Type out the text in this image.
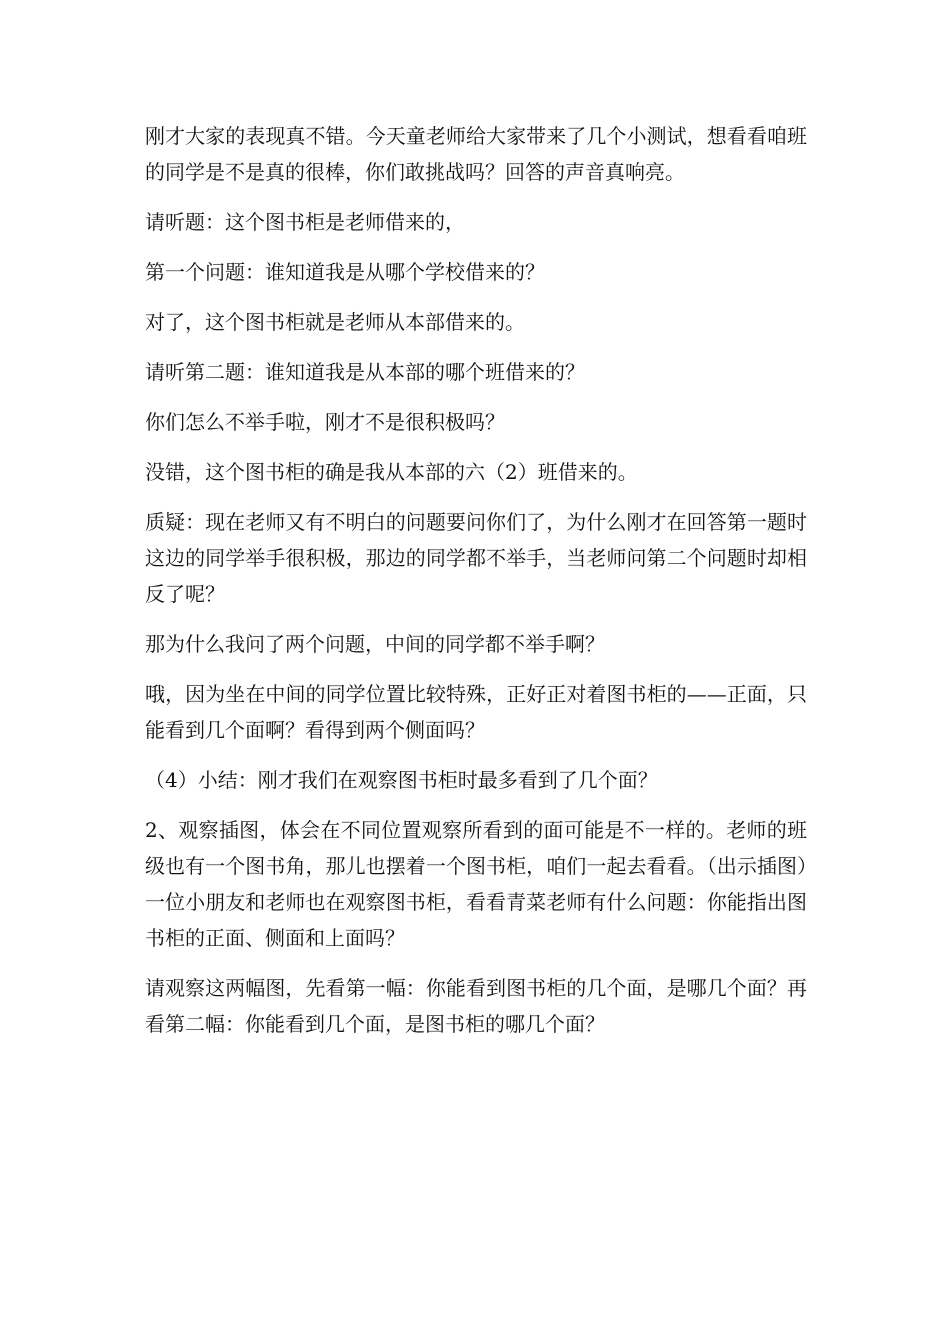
刚才大家的表现真不错。今天童老师给大家带来了几个小测试，想看看咱班的同学是不是真的很棒，你们敢挑战吗？回答的声音真响亮。

请听题：这个图书柜是老师借来的，

第一个问题：谁知道我是从哪个学校借来的？

对了，这个图书柜就是老师从本部借来的。

请听第二题：谁知道我是从本部的哪个班借来的？

你们怎么不举手啦，刚才不是很积极吗？

没错，这个图书柜的确是我从本部的六（2）班借来的。

质疑：现在老师又有不明白的问题要问你们了，为什么刚才在回答第一题时这边的同学举手很积极，那边的同学都不举手，当老师问第二个问题时却相反了呢？

那为什么我问了两个问题，中间的同学都不举手啊？

哦，因为坐在中间的同学位置比较特殊，正好正对着图书柜的——正面，只能看到几个面啊？看得到两个侧面吗？

（4）小结：刚才我们在观察图书柜时最多看到了几个面？

2、观察插图，体会在不同位置观察所看到的面可能是不一样的。老师的班级也有一个图书角，那儿也摆着一个图书柜，咱们一起去看看。（出示插图）一位小朋友和老师也在观察图书柜，看看青菜老师有什么问题：你能指出图书柜的正面、侧面和上面吗？

请观察这两幅图，先看第一幅：你能看到图书柜的几个面，是哪几个面？再看第二幅：你能看到几个面，是图书柜的哪几个面？
